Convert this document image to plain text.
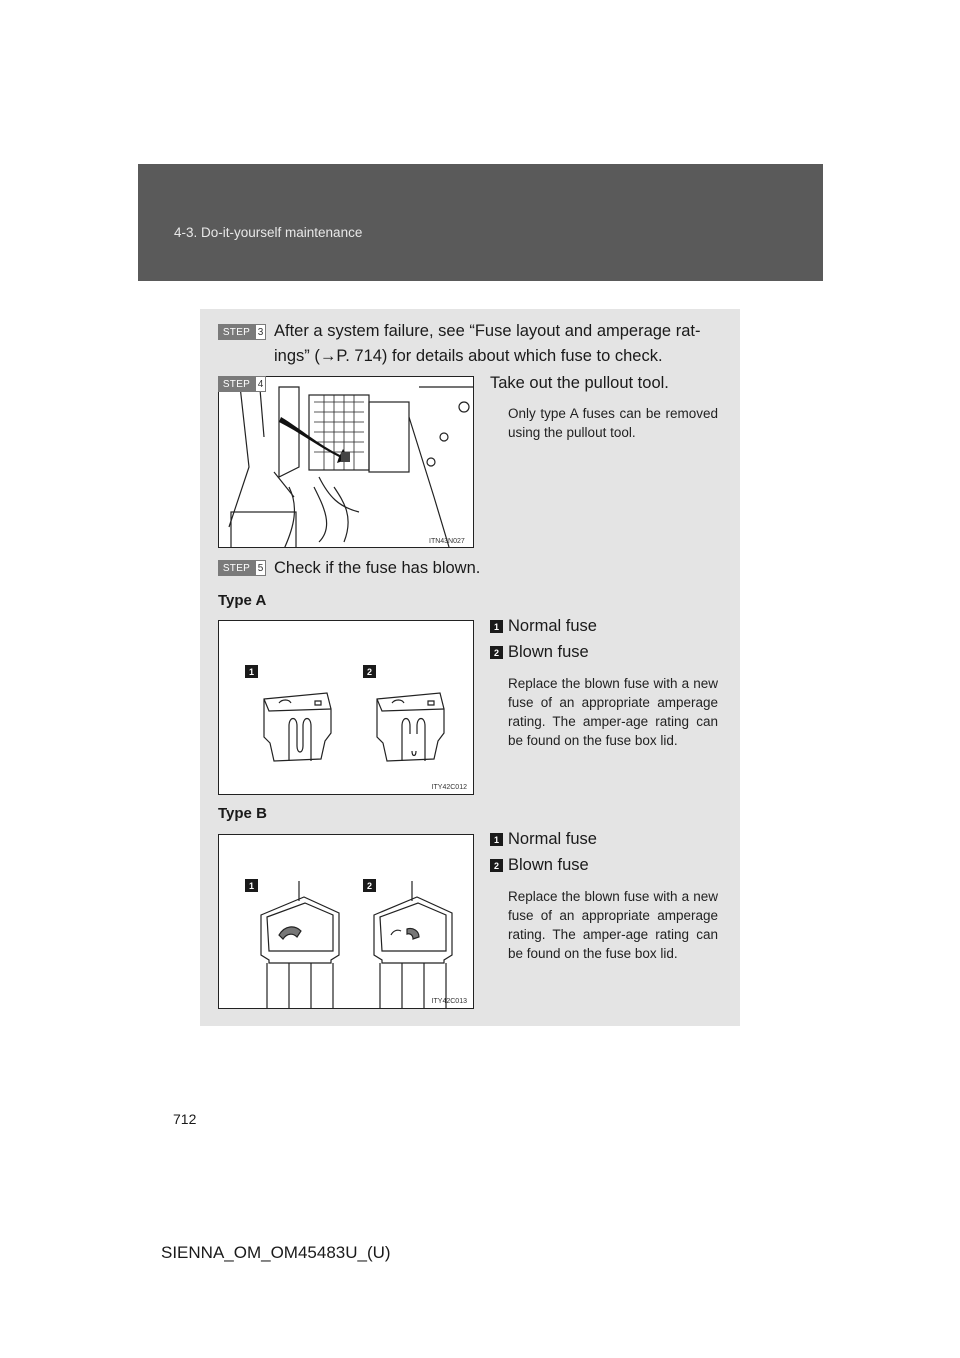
4-3. Do-it-yourself maintenance
STEP 3 After a system failure, see “Fuse layout and amperage rat-
ings” (→P. 714) for details about which fuse to check.
ITN43N027
STEP 4	Take out the pullout tool.
Only type A fuses can be removed using the pullout tool.
STEP 5 Check if the fuse has blown.
Type A
1	2
ITY42C012
1 Normal fuse
2 Blown fuse
Replace the blown fuse with a new fuse of an appropriate amperage rating. The amper-age rating can be found on the fuse box lid.
Type B
1	2
ITY42C013
1 Normal fuse
2 Blown fuse
Replace the blown fuse with a new fuse of an appropriate amperage rating. The amper-age rating can be found on the fuse box lid.
712
SIENNA_OM_OM45483U_(U)
